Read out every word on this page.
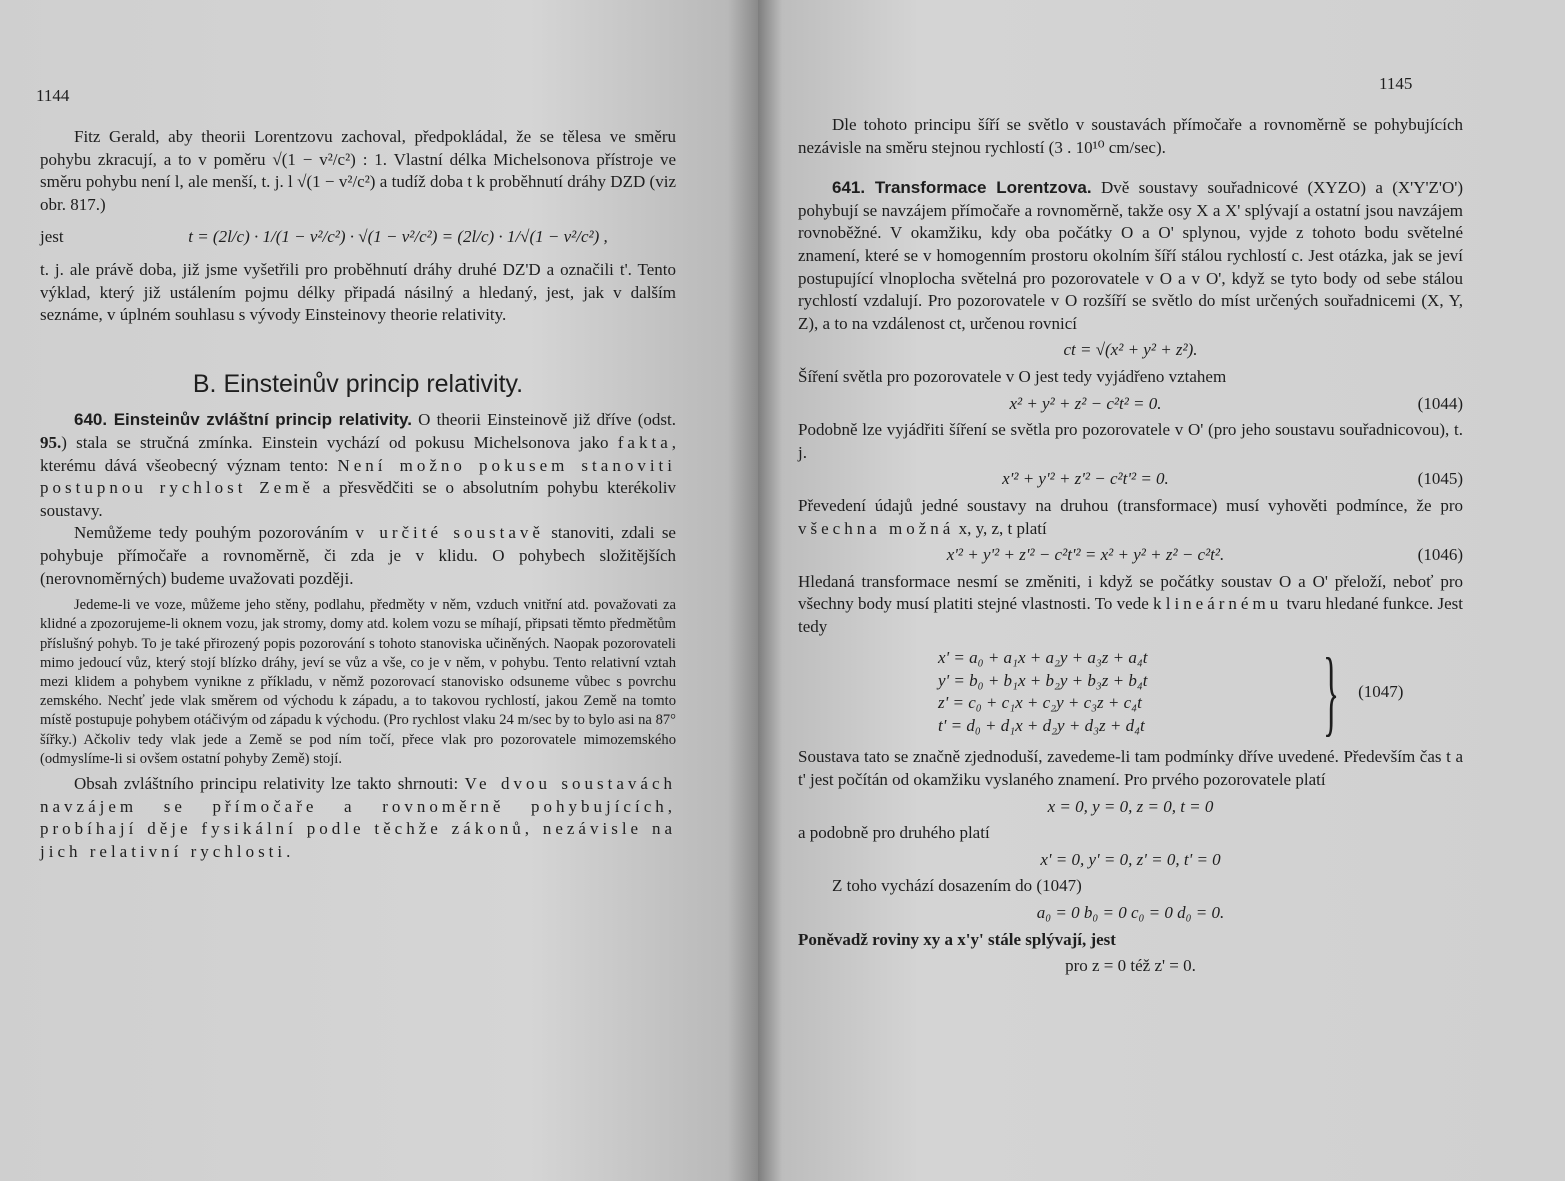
1144

Fitz Gerald, aby theorii Lorentzovu zachoval, předpokládal, že se tělesa ve směru pohybu zkracují, a to v poměru √(1 − v²/c²) : 1. Vlastní délka Michelsonova přístroje ve směru pohybu není l, ale menší, t. j. l √(1 − v²/c²) a tudíž doba t k proběhnutí dráhy DZD (viz obr. 817.)

jest	t = (2l/c) · 1/(1 − v²/c²) · √(1 − v²/c²) = (2l/c) · 1/√(1 − v²/c²) ,

t. j. ale právě doba, již jsme vyšetřili pro proběhnutí dráhy druhé DZ'D a označili t'. Tento výklad, který již ustálením pojmu délky připadá násilný a hledaný, jest, jak v dalším seznáme, v úplném souhlasu s vývody Einsteinovy theorie relativity.

B. Einsteinův princip relativity.

640. Einsteinův zvláštní princip relativity. O theorii Einsteinově již dříve (odst. 95.) stala se stručná zmínka. Einstein vychází od pokusu Michelsonova jako fakta, kterému dává všeobecný význam tento: Není možno pokusem stanoviti postupnou rychlost Země a přesvědčiti se o absolutním pohybu kterékoliv soustavy.

Nemůžeme tedy pouhým pozorováním v určité soustavě stanoviti, zdali se pohybuje přímočaře a rovnoměrně, či zda je v klidu. O pohybech složitějších (nerovnoměrných) budeme uvažovati později.

Jedeme-li ve voze, můžeme jeho stěny, podlahu, předměty v něm, vzduch vnitřní atd. považovati za klidné a zpozorujeme-li oknem vozu, jak stromy, domy atd. kolem vozu se míhají, připsati těmto předmětům příslušný pohyb. To je také přirozený popis pozorování s tohoto stanoviska učiněných. Naopak pozorovateli mimo jedoucí vůz, který stojí blízko dráhy, jeví se vůz a vše, co je v něm, v pohybu. Tento relativní vztah mezi klidem a pohybem vynikne z příkladu, v němž pozorovací stanovisko odsuneme vůbec s povrchu zemského. Nechť jede vlak směrem od východu k západu, a to takovou rychlostí, jakou Země na tomto místě postupuje pohybem otáčivým od západu k východu. (Pro rychlost vlaku 24 m/sec by to bylo asi na 87° šířky.) Ačkoliv tedy vlak jede a Země se pod ním točí, přece vlak pro pozorovatele mimozemského (odmyslíme-li si ovšem ostatní pohyby Země) stojí.

Obsah zvláštního principu relativity lze takto shrnouti: Ve dvou soustavách navzájem se přímočaře a rovnoměrně pohybujících, probíhají děje fysikální podle těchže zákonů, nezávisle na jich relativní rychlosti.

1145

Dle tohoto principu šíří se světlo v soustavách přímočaře a rovnoměrně se pohybujících nezávisle na směru stejnou rychlostí (3 . 10¹⁰ cm/sec).

641. Transformace Lorentzova. Dvě soustavy souřadnicové (XYZO) a (X'Y'Z'O') pohybují se navzájem přímočaře a rovnoměrně, takže osy X a X' splývají a ostatní jsou navzájem rovnoběžné. V okamžiku, kdy oba počátky O a O' splynou, vyjde z tohoto bodu světelné znamení, které se v homogenním prostoru okolním šíří stálou rychlostí c. Jest otázka, jak se jeví postupující vlnoplocha světelná pro pozorovatele v O a v O', když se tyto body od sebe stálou rychlostí vzdalují. Pro pozorovatele v O rozšíří se světlo do míst určených souřadnicemi (X, Y, Z), a to na vzdálenost ct, určenou rovnicí

ct = √(x² + y² + z²).

Šíření světla pro pozorovatele v O jest tedy vyjádřeno vztahem

x² + y² + z² − c²t² = 0.	(1044)

Podobně lze vyjádřiti šíření se světla pro pozorovatele v O' (pro jeho soustavu souřadnicovou), t. j.

x'² + y'² + z'² − c²t'² = 0.	(1045)

Převedení údajů jedné soustavy na druhou (transformace) musí vyhověti podmínce, že pro všechna možná x, y, z, t platí

x'² + y'² + z'² − c²t'² = x² + y² + z² − c²t².	(1046)

Hledaná transformace nesmí se změniti, i když se počátky soustav O a O' přeloží, neboť pro všechny body musí platiti stejné vlastnosti. To vede k lineárnému tvaru hledané funkce. Jest tedy

x' = a₀ + a₁x + a₂y + a₃z + a₄t
y' = b₀ + b₁x + b₂y + b₃z + b₄t
z' = c₀ + c₁x + c₂y + c₃z + c₄t
t' = d₀ + d₁x + d₂y + d₃z + d₄t	} (1047)

Soustava tato se značně zjednoduší, zavedeme-li tam podmínky dříve uvedené. Především čas t a t' jest počítán od okamžiku vyslaného znamení. Pro prvého pozorovatele platí

x = 0, y = 0, z = 0, t = 0

a podobně pro druhého platí

x' = 0, y' = 0, z' = 0, t' = 0

Z toho vychází dosazením do (1047)

a₀ = 0 b₀ = 0 c₀ = 0 d₀ = 0.

Poněvadž roviny xy a x'y' stále splývají, jest

pro z = 0 též z' = 0.
